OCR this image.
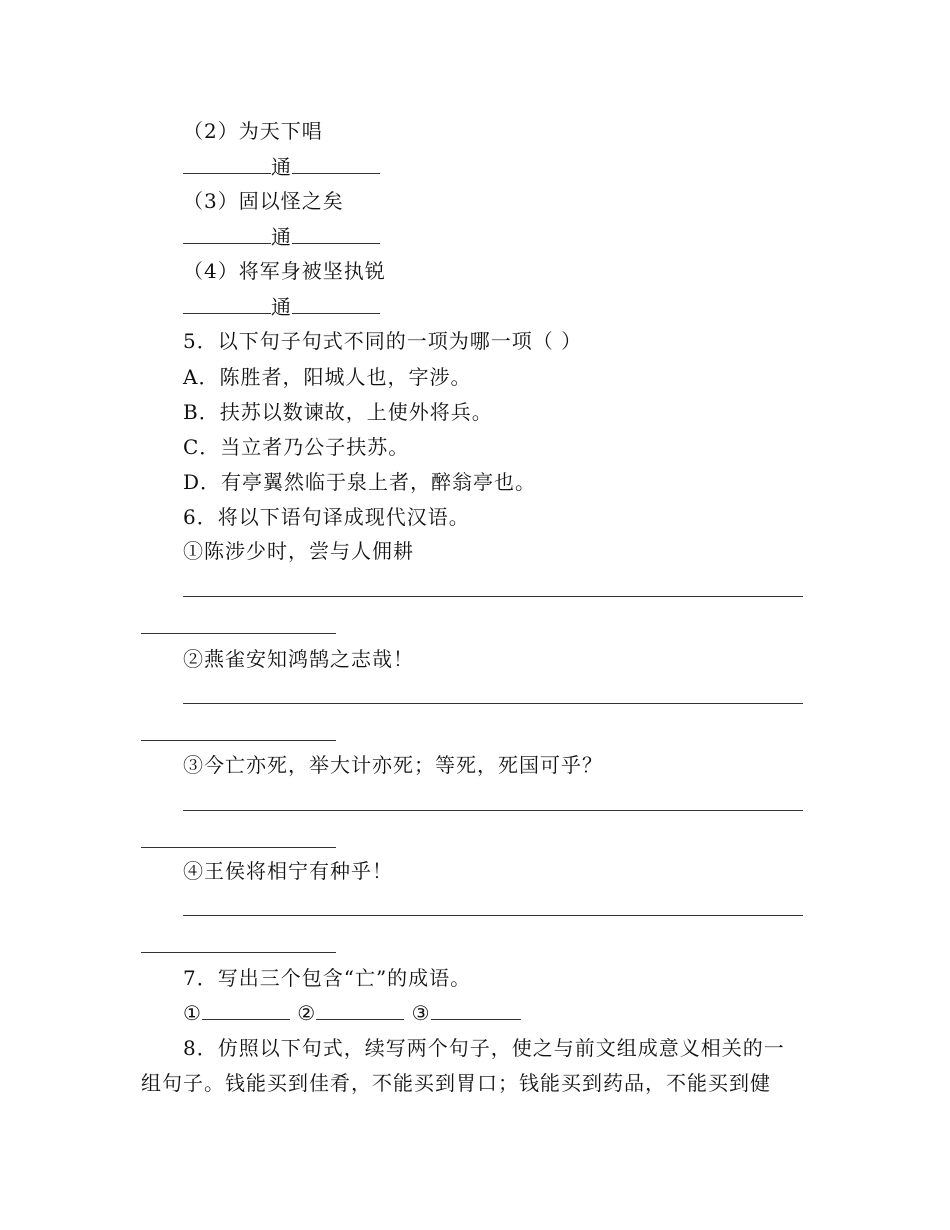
（2）为天下唱
通
（3）固以怪之矣
通
（4）将军身被坚执锐
通
5．以下句子句式不同的一项为哪一项（ ）
A．陈胜者，阳城人也，字涉。
B．扶苏以数谏故，上使外将兵。
C．当立者乃公子扶苏。
D．有亭翼然临于泉上者，醉翁亭也。
6．将以下语句译成现代汉语。
①陈涉少时，尝与人佣耕
②燕雀安知鸿鹄之志哉！
③今亡亦死，举大计亦死；等死，死国可乎？
④王侯将相宁有种乎！
7．写出三个包含“亡”的成语。
①	②	③
8．仿照以下句式，续写两个句子，使之与前文组成意义相关的一
组句子。钱能买到佳肴，不能买到胃口；钱能买到药品，不能买到健
